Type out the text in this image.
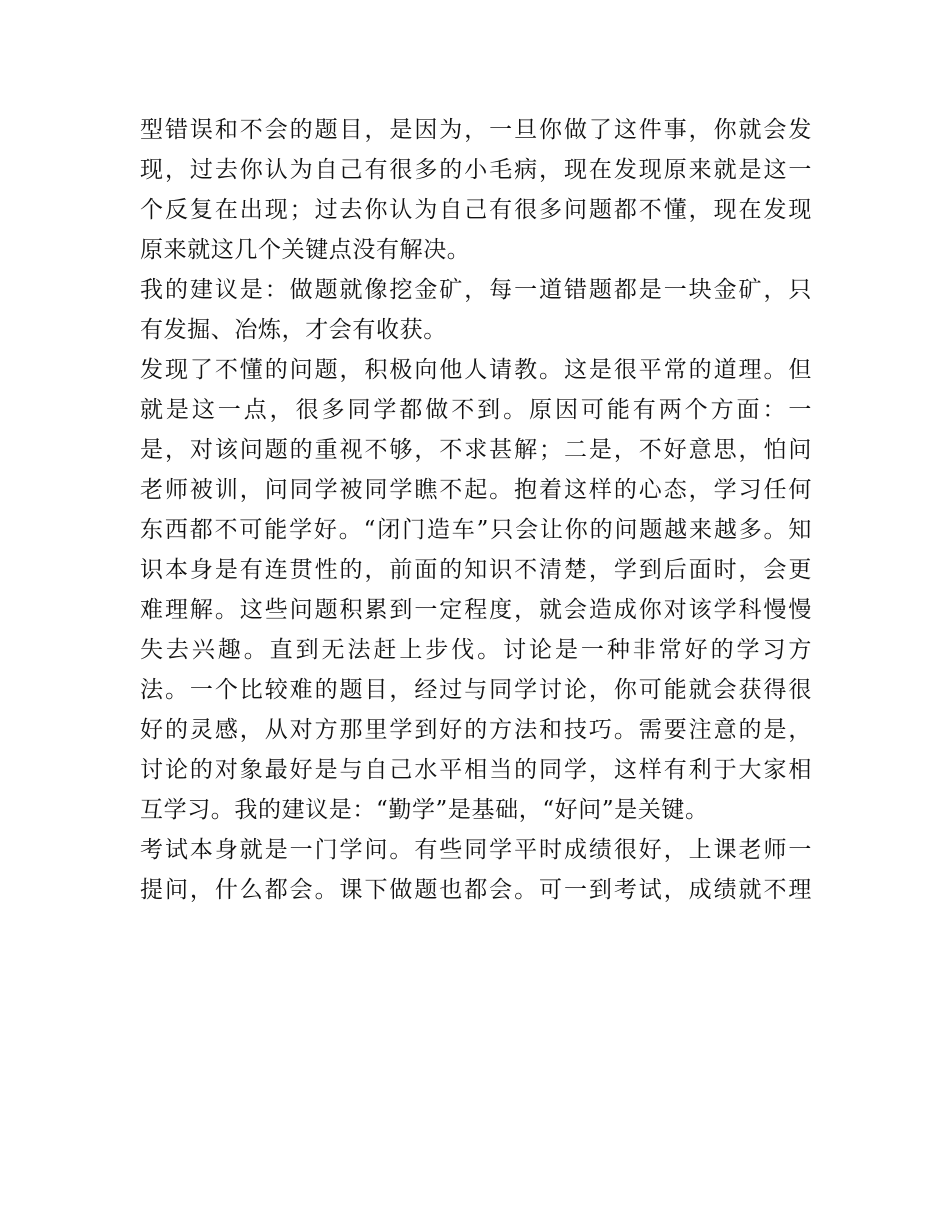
型错误和不会的题目，是因为，一旦你做了这件事，你就会发
现，过去你认为自己有很多的小毛病，现在发现原来就是这一
个反复在出现；过去你认为自己有很多问题都不懂，现在发现
原来就这几个关键点没有解决。
我的建议是：做题就像挖金矿，每一道错题都是一块金矿，只
有发掘、冶炼，才会有收获。
发现了不懂的问题，积极向他人请教。这是很平常的道理。但
就是这一点，很多同学都做不到。原因可能有两个方面：一
是，对该问题的重视不够，不求甚解；二是，不好意思，怕问
老师被训，问同学被同学瞧不起。抱着这样的心态，学习任何
东西都不可能学好。“闭门造车”只会让你的问题越来越多。知
识本身是有连贯性的，前面的知识不清楚，学到后面时，会更
难理解。这些问题积累到一定程度，就会造成你对该学科慢慢
失去兴趣。直到无法赶上步伐。讨论是一种非常好的学习方
法。一个比较难的题目，经过与同学讨论，你可能就会获得很
好的灵感，从对方那里学到好的方法和技巧。需要注意的是，
讨论的对象最好是与自己水平相当的同学，这样有利于大家相
互学习。我的建议是：“勤学”是基础，“好问”是关键。
考试本身就是一门学问。有些同学平时成绩很好，上课老师一
提问，什么都会。课下做题也都会。可一到考试，成绩就不理
